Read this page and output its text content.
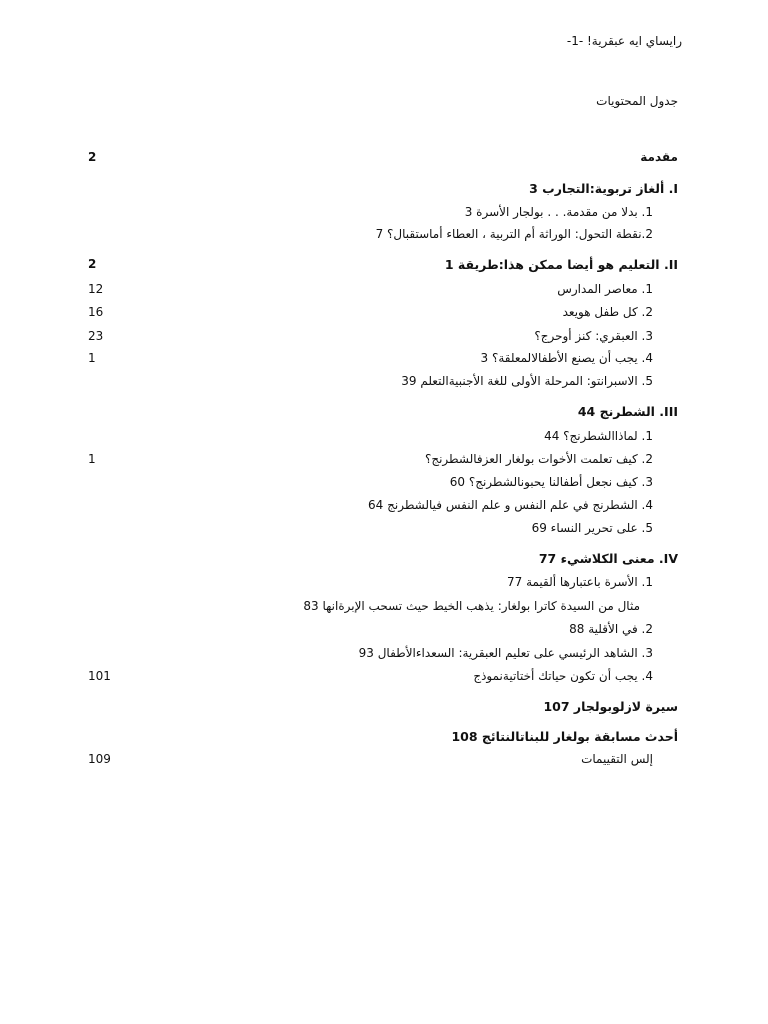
رايساي ايه عبقرية! -1-
جدول المحتويات
مقدمة
2
I. ألغاز تربوية:التجارب 3
1. بدلا من مقدمة. . . بولجار الأسرة 3
2.نقطة التحول: الوراثة أم التربية ، العطاء أماستقبال؟ 7
II. التعليم هو أيضا ممكن هذا:طريقة 1
2
1. معاصر المدارس
12
2. كل طفل هويعد
16
3. العبقري: كنز أوحرج؟
23
4. يجب أن يصنع الأطفالالمعلقة؟ 3
1
5. الاسبرانتو: المرحلة الأولى للغة الأجنبيةالتعلم 39
III. الشطرنج 44
1. لماذاالشطرنج؟ 44
2. كيف تعلمت الأخوات بولغار العزفالشطرنج؟
1
3. كيف نجعل أطفالنا يحبونالشطرنج؟ 60
4. الشطرنج في علم النفس و علم النفس فيالشطرنج 64
5. على تحرير النساء 69
IV. معنى الكلاشيء 77
1. الأسرة باعتبارها ألقيمة 77
مثال من السيدة كاترا بولغار: يذهب الخيط حيث تسحب الإبرةانها 83
2. في الأقلية 88
3. الشاهد الرئيسي على تعليم العبقرية: السعداءالأطفال 93
4. يجب أن تكون حياتك أختاتيةنموذج
101
سيرة لازلوبولجار 107
أحدث مسابقة بولغار للبناتالنتائج 108
إلس التقييمات
109
